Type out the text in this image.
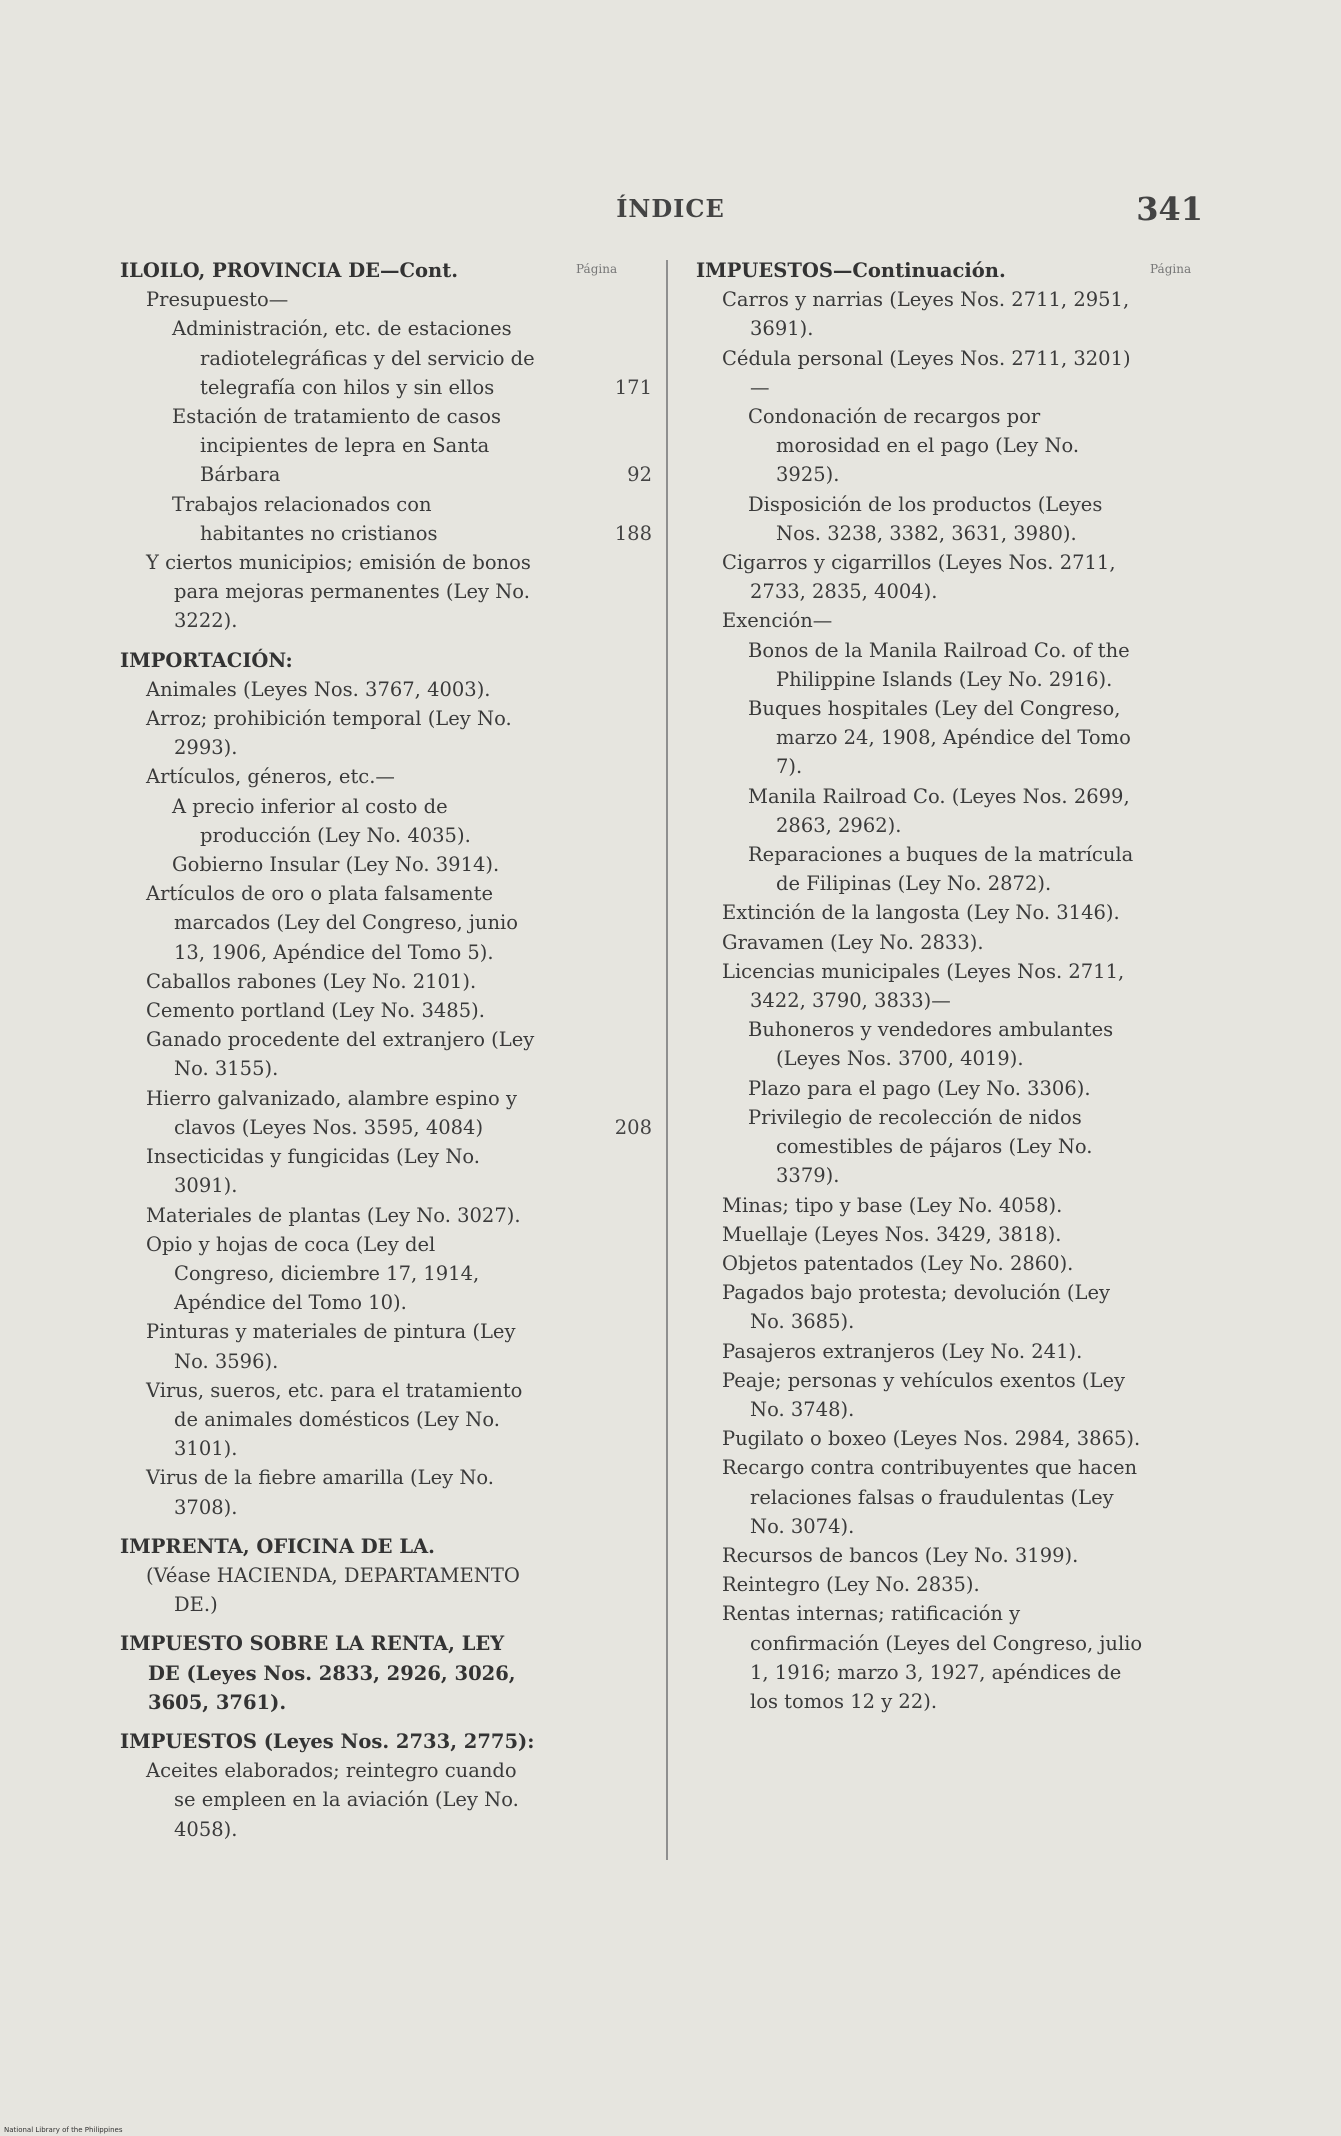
ÍNDICE	341
Página	Página
ILOILO, PROVINCIA DE—Cont.
Presupuesto—
Administración, etc. de estaciones radiotelegráficas y del servicio de telegrafía con hilos y sin ellos	171
Estación de tratamiento de casos incipientes de lepra en Santa Bárbara	92
Trabajos relacionados con habitantes no cristianos	188
Y ciertos municipios; emisión de bonos para mejoras permanentes (Ley No. 3222).
IMPORTACIÓN:
Animales (Leyes Nos. 3767, 4003).
Arroz; prohibición temporal (Ley No. 2993).
Artículos, géneros, etc.—
A precio inferior al costo de producción (Ley No. 4035).
Gobierno Insular (Ley No. 3914).
Artículos de oro o plata falsamente marcados (Ley del Congreso, junio 13, 1906, Apéndice del Tomo 5).
Caballos rabones (Ley No. 2101).
Cemento portland (Ley No. 3485).
Ganado procedente del extranjero (Ley No. 3155).
Hierro galvanizado, alambre espino y clavos (Leyes Nos. 3595, 4084)	208
Insecticidas y fungicidas (Ley No. 3091).
Materiales de plantas (Ley No. 3027).
Opio y hojas de coca (Ley del Congreso, diciembre 17, 1914, Apéndice del Tomo 10).
Pinturas y materiales de pintura (Ley No. 3596).
Virus, sueros, etc. para el tratamiento de animales domésticos (Ley No. 3101).
Virus de la fiebre amarilla (Ley No. 3708).
IMPRENTA, OFICINA DE LA.
(Véase HACIENDA, DEPARTAMENTO DE.)
IMPUESTO SOBRE LA RENTA, LEY DE (Leyes Nos. 2833, 2926, 3026, 3605, 3761).
IMPUESTOS (Leyes Nos. 2733, 2775):
Aceites elaborados; reintegro cuando se empleen en la aviación (Ley No. 4058).
IMPUESTOS—Continuación.
Carros y narrias (Leyes Nos. 2711, 2951, 3691).
Cédula personal (Leyes Nos. 2711, 3201)—
Condonación de recargos por morosidad en el pago (Ley No. 3925).
Disposición de los productos (Leyes Nos. 3238, 3382, 3631, 3980).
Cigarros y cigarrillos (Leyes Nos. 2711, 2733, 2835, 4004).
Exención—
Bonos de la Manila Railroad Co. of the Philippine Islands (Ley No. 2916).
Buques hospitales (Ley del Congreso, marzo 24, 1908, Apéndice del Tomo 7).
Manila Railroad Co. (Leyes Nos. 2699, 2863, 2962).
Reparaciones a buques de la matrícula de Filipinas (Ley No. 2872).
Extinción de la langosta (Ley No. 3146).
Gravamen (Ley No. 2833).
Licencias municipales (Leyes Nos. 2711, 3422, 3790, 3833)—
Buhoneros y vendedores ambulantes (Leyes Nos. 3700, 4019).
Plazo para el pago (Ley No. 3306).
Privilegio de recolección de nidos comestibles de pájaros (Ley No. 3379).
Minas; tipo y base (Ley No. 4058).
Muellaje (Leyes Nos. 3429, 3818).
Objetos patentados (Ley No. 2860).
Pagados bajo protesta; devolución (Ley No. 3685).
Pasajeros extranjeros (Ley No. 241).
Peaje; personas y vehículos exentos (Ley No. 3748).
Pugilato o boxeo (Leyes Nos. 2984, 3865).
Recargo contra contribuyentes que hacen relaciones falsas o fraudulentas (Ley No. 3074).
Recursos de bancos (Ley No. 3199).
Reintegro (Ley No. 2835).
Rentas internas; ratificación y confirmación (Leyes del Congreso, julio 1, 1916; marzo 3, 1927, apéndices de los tomos 12 y 22).
National Library of the Philippines
